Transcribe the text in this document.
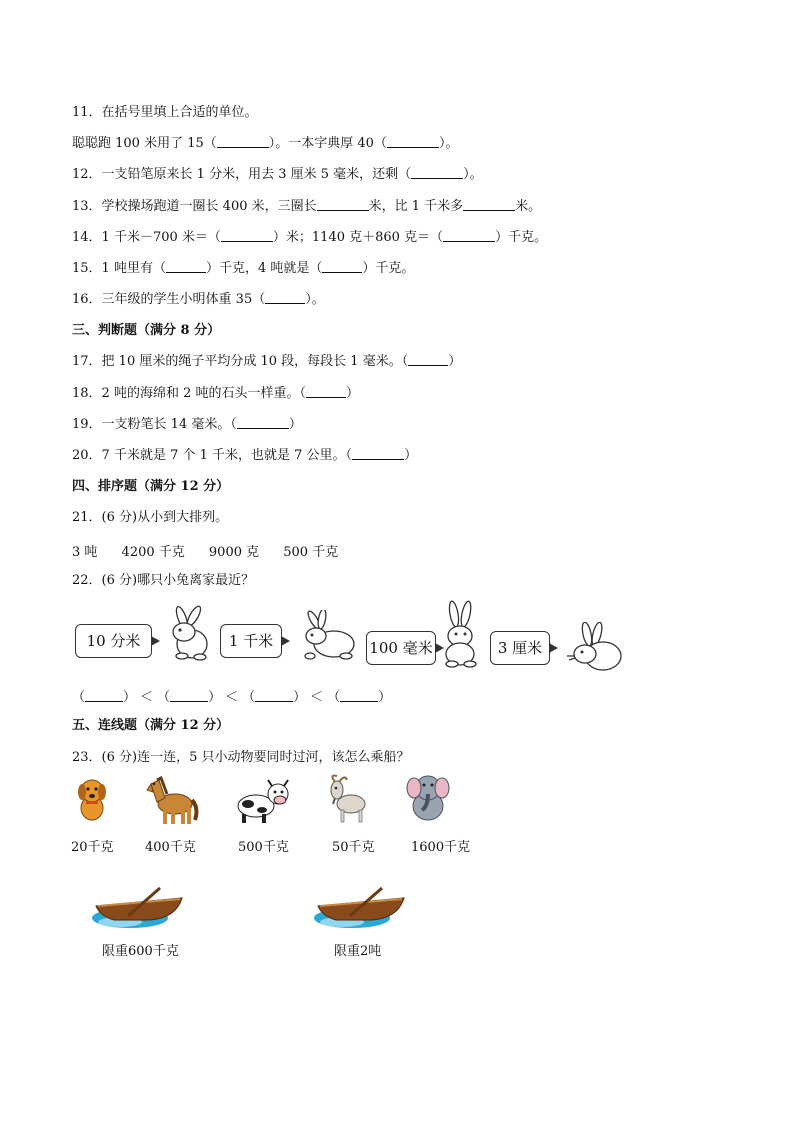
11．在括号里填上合适的单位。
聪聪跑 100 米用了 15（	）。一本字典厚 40（	）。
12．一支铅笔原来长 1 分米，用去 3 厘米 5 毫米，还剩（	）。
13．学校操场跑道一圈长 400 米，三圈长	米，比 1 千米多	米。
14．1 千米－700 米＝（	）米；1140 克＋860 克＝（	）千克。
15．1 吨里有（	）千克，4 吨就是（	）千克。
16．三年级的学生小明体重 35（	）。
三、判断题（满分 8 分）
17．把 10 厘米的绳子平均分成 10 段，每段长 1 毫米。（	）
18．2 吨的海绵和 2 吨的石头一样重。（	）
19．一支粉笔长 14 毫米。（	）
20．7 千米就是 7 个 1 千米，也就是 7 公里。（	）
四、排序题（满分 12 分）
21．(6 分)从小到大排列。
3 吨 4200 千克 9000 克 500 千克
22．(6 分)哪只小兔离家最近？
10 分米	1 千米	100 毫米	3 厘米
（	） ＜ （	） ＜ （	） ＜ （	）
五、连线题（满分 12 分）
23．(6 分)连一连，5 只小动物要同时过河，该怎么乘船？
20千克 400千克	500千克	50千克	1600千克
限重600千克	限重2吨
